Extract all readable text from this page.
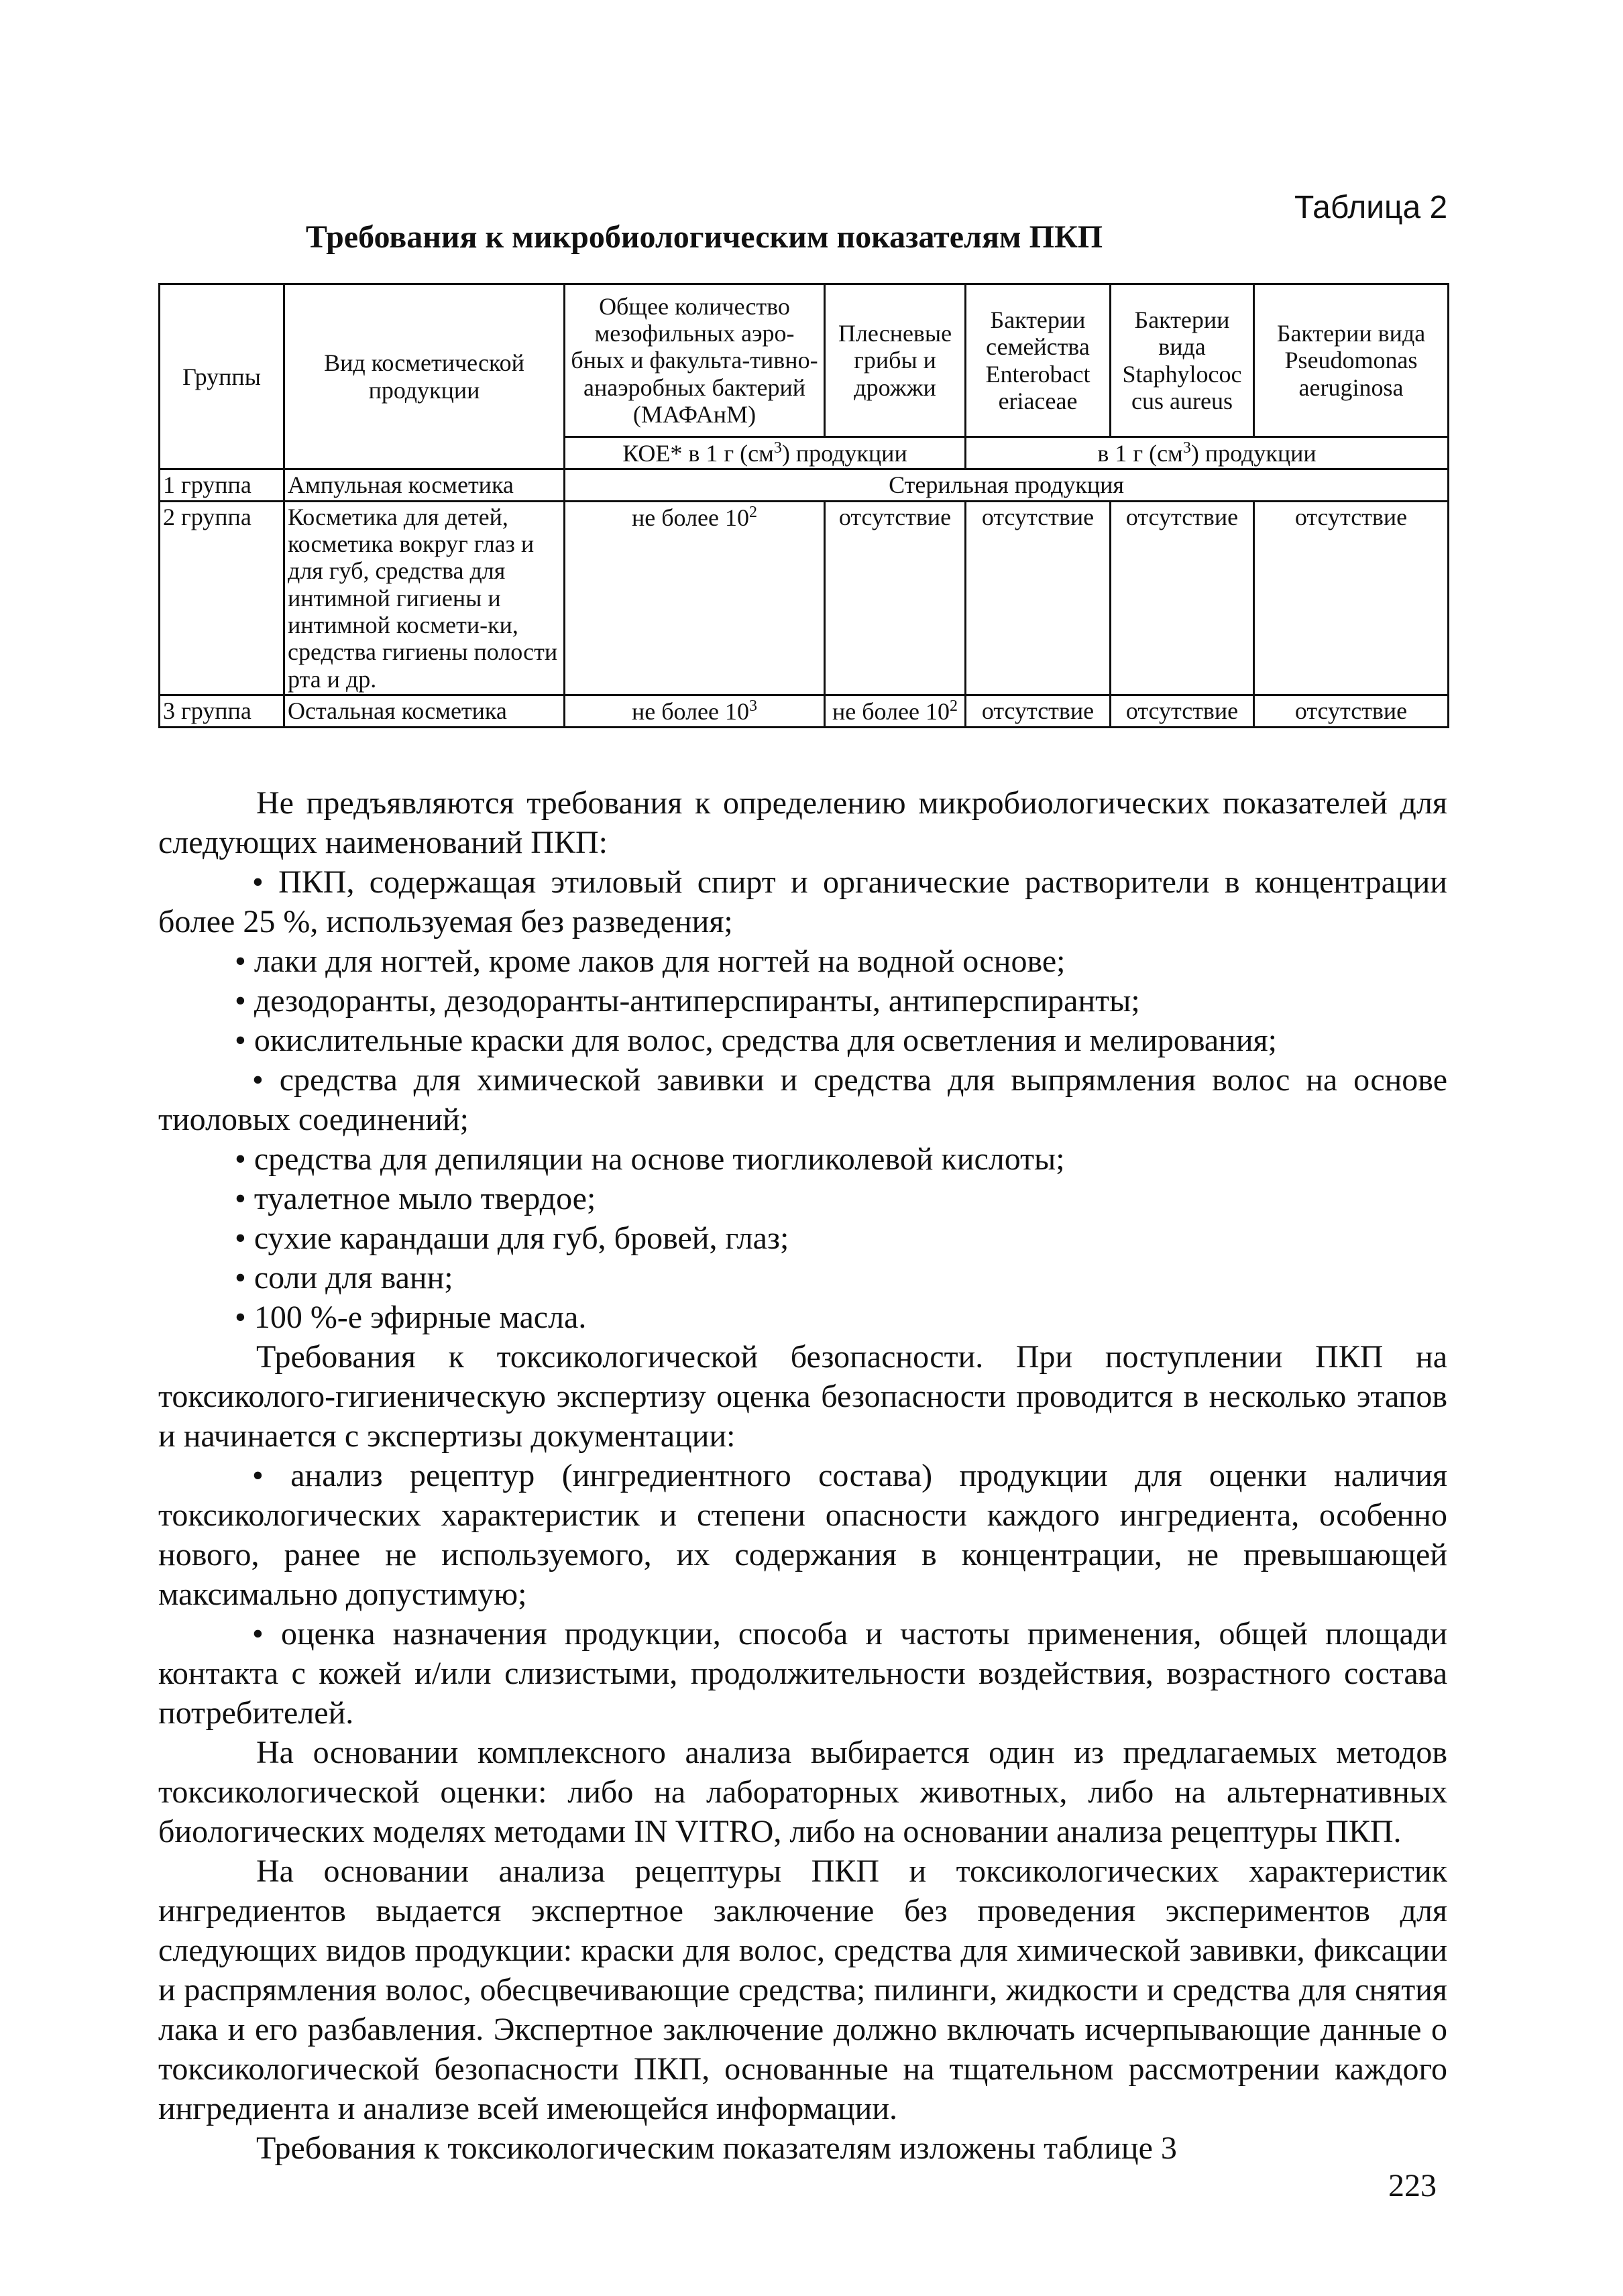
Таблица 2
Требования к микробиологическим показателям ПКП
Группы	Вид косметической продукции	Общее количество мезофильных аэро-бных и факульта-тивно-анаэробных бактерий (МАФАнМ)	Плесневые грибы и дрожжи	Бактерии семейства Enterobact eriaceae	Бактерии вида Staphylococ cus aureus	Бактерии вида Pseudomonas aeruginosa
		КОЕ* в 1 г $(см^3)$ продукции		в 1 г $(см^3)$ продукции		
1 группа	Ампульная косметика	Стерильная продукция				
2 группа	Косметика для детей, косметика вокруг глаз и для губ, средства для интимной гигиены и интимной космети-ки, средства гигиены полости рта и др.	не более $10^2$	отсутствие	отсутствие	отсутствие	отсутствие
3 группа	Остальная косметика	не более $10^3$	не более $10^2$	отсутствие	отсутствие	отсутствие

Не предъявляются требования к определению микробиологических показателей для следующих наименований ПКП:

• ПКП, содержащая этиловый спирт и органические растворители в концентрации более 25 %, используемая без разведения;

• лаки для ногтей, кроме лаков для ногтей на водной основе;

• дезодоранты, дезодоранты-антиперспиранты, антиперспиранты;

• окислительные краски для волос, средства для осветления и мелирования;

• средства для химической завивки и средства для выпрямления волос на основе тиоловых соединений;

• средства для депиляции на основе тиогликолевой кислоты;

• туалетное мыло твердое;

• сухие карандаши для губ, бровей, глаз;

• соли для ванн;

• 100 %-е эфирные масла.

Требования к токсикологической безопасности. При поступлении ПКП на токсиколого-гигиеническую экспертизу оценка безопасности проводится в несколько этапов и начинается с экспертизы документации:

• анализ рецептур (ингредиентного состава) продукции для оценки наличия токсикологических характеристик и степени опасности каждого ингредиента, особенно нового, ранее не используемого, их содержания в концентрации, не превышающей максимально допустимую;

• оценка назначения продукции, способа и частоты применения, общей площади контакта с кожей и/или слизистыми, продолжительности воздействия, возрастного состава потребителей.

На основании комплексного анализа выбирается один из предлагаемых методов токсикологической оценки: либо на лабораторных животных, либо на альтернативных биологических моделях методами IN VITRO, либо на основании анализа рецептуры ПКП.

На основании анализа рецептуры ПКП и токсикологических характеристик ингредиентов выдается экспертное заключение без проведения экспериментов для следующих видов продукции: краски для волос, средства для химической завивки, фиксации и распрямления волос, обесцвечивающие средства; пилинги, жидкости и средства для снятия лака и его разбавления. Экспертное заключение должно включать исчерпывающие данные о токсикологической безопасности ПКП, основанные на тщательном рассмотрении каждого ингредиента и анализе всей имеющейся информации.

Требования к токсикологическим показателям изложены таблице 3

223
